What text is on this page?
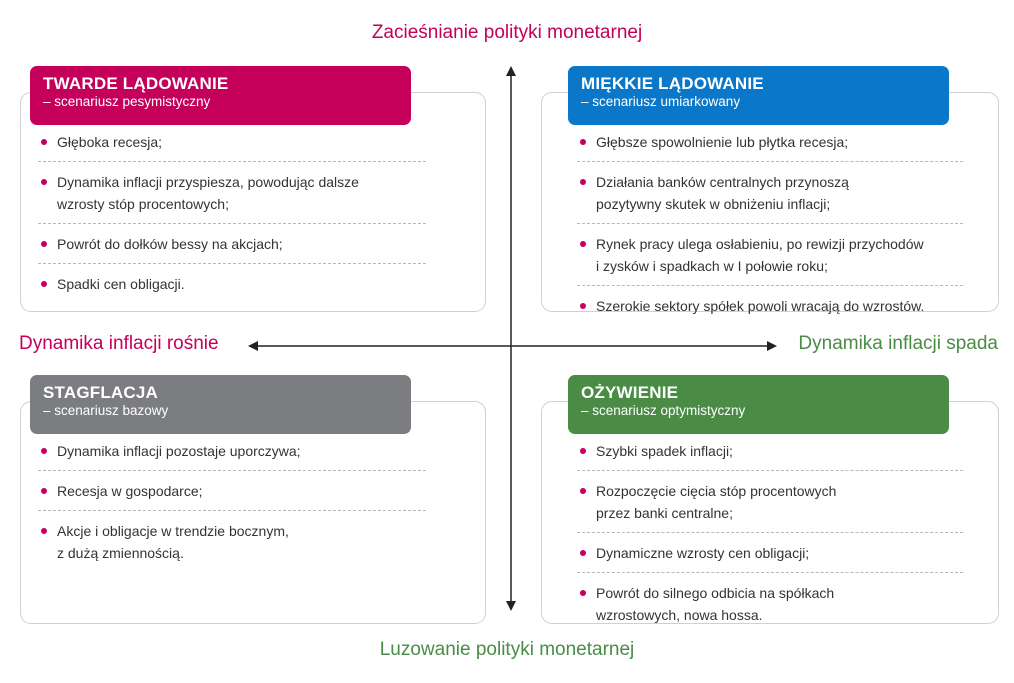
Zacieśnianie polityki monetarnej
Luzowanie polityki monetarnej
Dynamika inflacji rośnie	Dynamika inflacji spada
TWARDE LĄDOWANIE
– scenariusz pesymistyczny
MIĘKKIE LĄDOWANIE
– scenariusz umiarkowany
STAGFLACJA
– scenariusz bazowy
OŻYWIENIE
– scenariusz optymistyczny
Głęboka recesja;
Dynamika inflacji przyspiesza, powodując dalsze
wzrosty stóp procentowych;
Powrót do dołków bessy na akcjach;
Spadki cen obligacji.
Głębsze spowolnienie lub płytka recesja;
Działania banków centralnych przynoszą
pozytywny skutek w obniżeniu inflacji;
Rynek pracy ulega osłabieniu, po rewizji przychodów
i zysków i spadkach w I połowie roku;
Szerokie sektory spółek powoli wracają do wzrostów.
Dynamika inflacji pozostaje uporczywa;
Recesja w gospodarce;
Akcje i obligacje w trendzie bocznym,
z dużą zmiennością.
Szybki spadek inflacji;
Rozpoczęcie cięcia stóp procentowych
przez banki centralne;
Dynamiczne wzrosty cen obligacji;
Powrót do silnego odbicia na spółkach
wzrostowych, nowa hossa.
